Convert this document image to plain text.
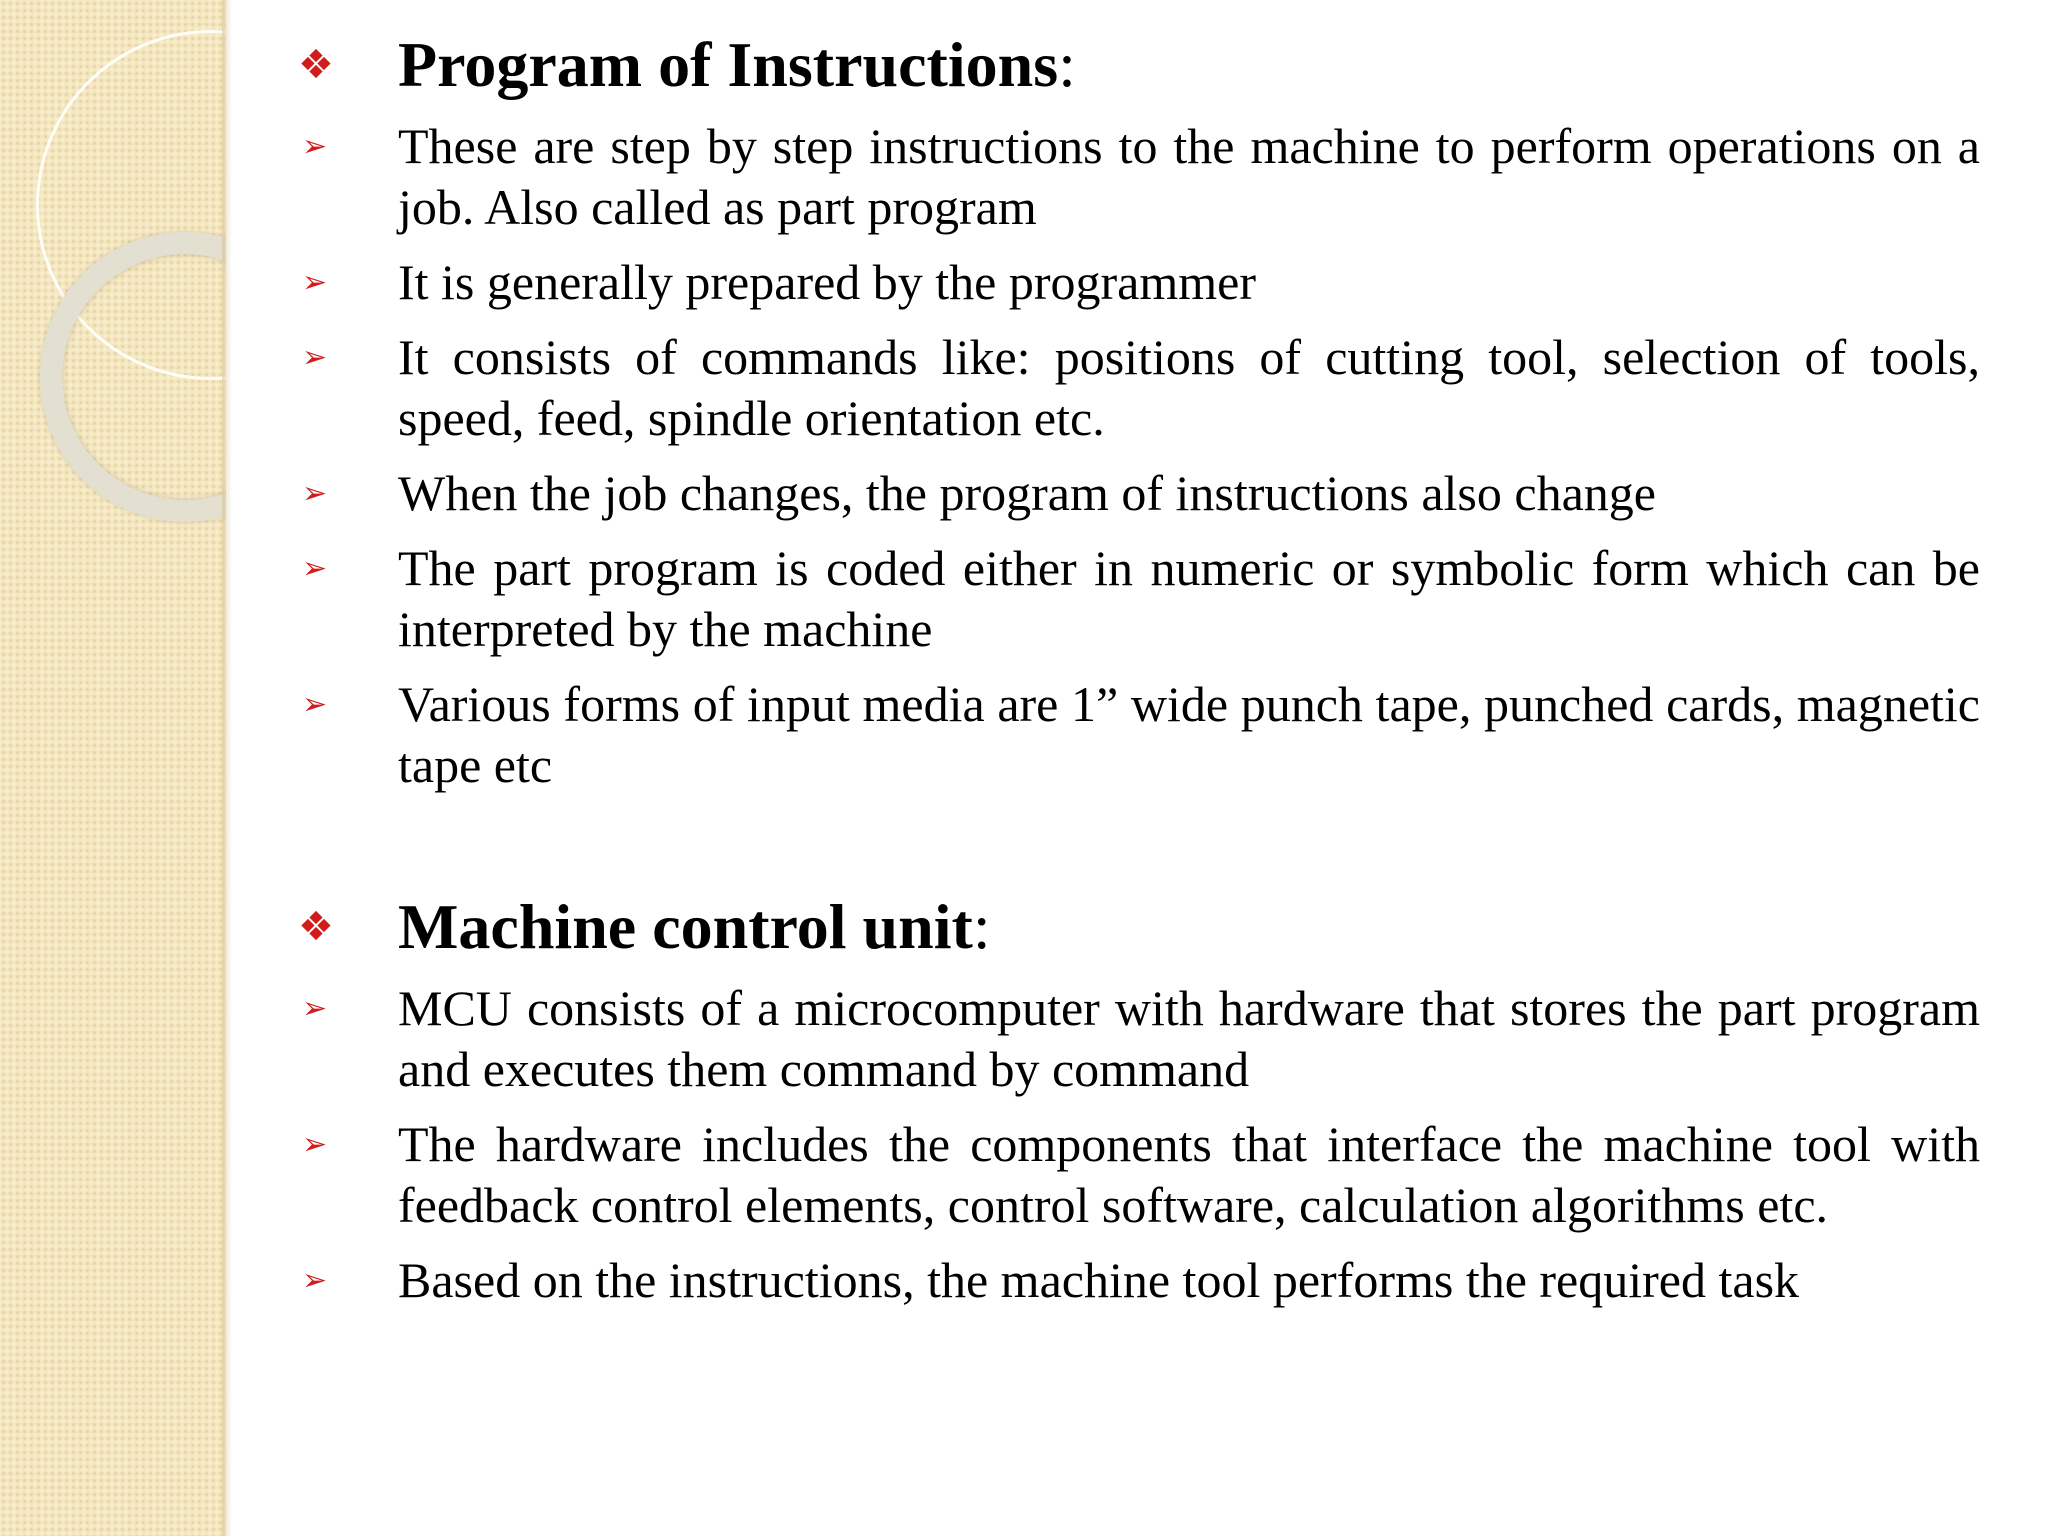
❖ Program of Instructions:
➢ These are step by step instructions to the machine to perform operations on a job. Also called as part program
➢ It is generally prepared by the programmer
➢ It consists of commands like: positions of cutting tool, selection of tools, speed, feed, spindle orientation etc.
➢ When the job changes, the program of instructions also change
➢ The part program is coded either in numeric or symbolic form which can be interpreted by the machine
➢ Various forms of input media are 1” wide punch tape, punched cards, magnetic tape etc
❖ Machine control unit:
➢ MCU consists of a microcomputer with hardware that stores the part program and executes them command by command
➢ The hardware includes the components that interface the machine tool with feedback control elements, control software, calculation algorithms etc.
➢ Based on the instructions, the machine tool performs the required task
